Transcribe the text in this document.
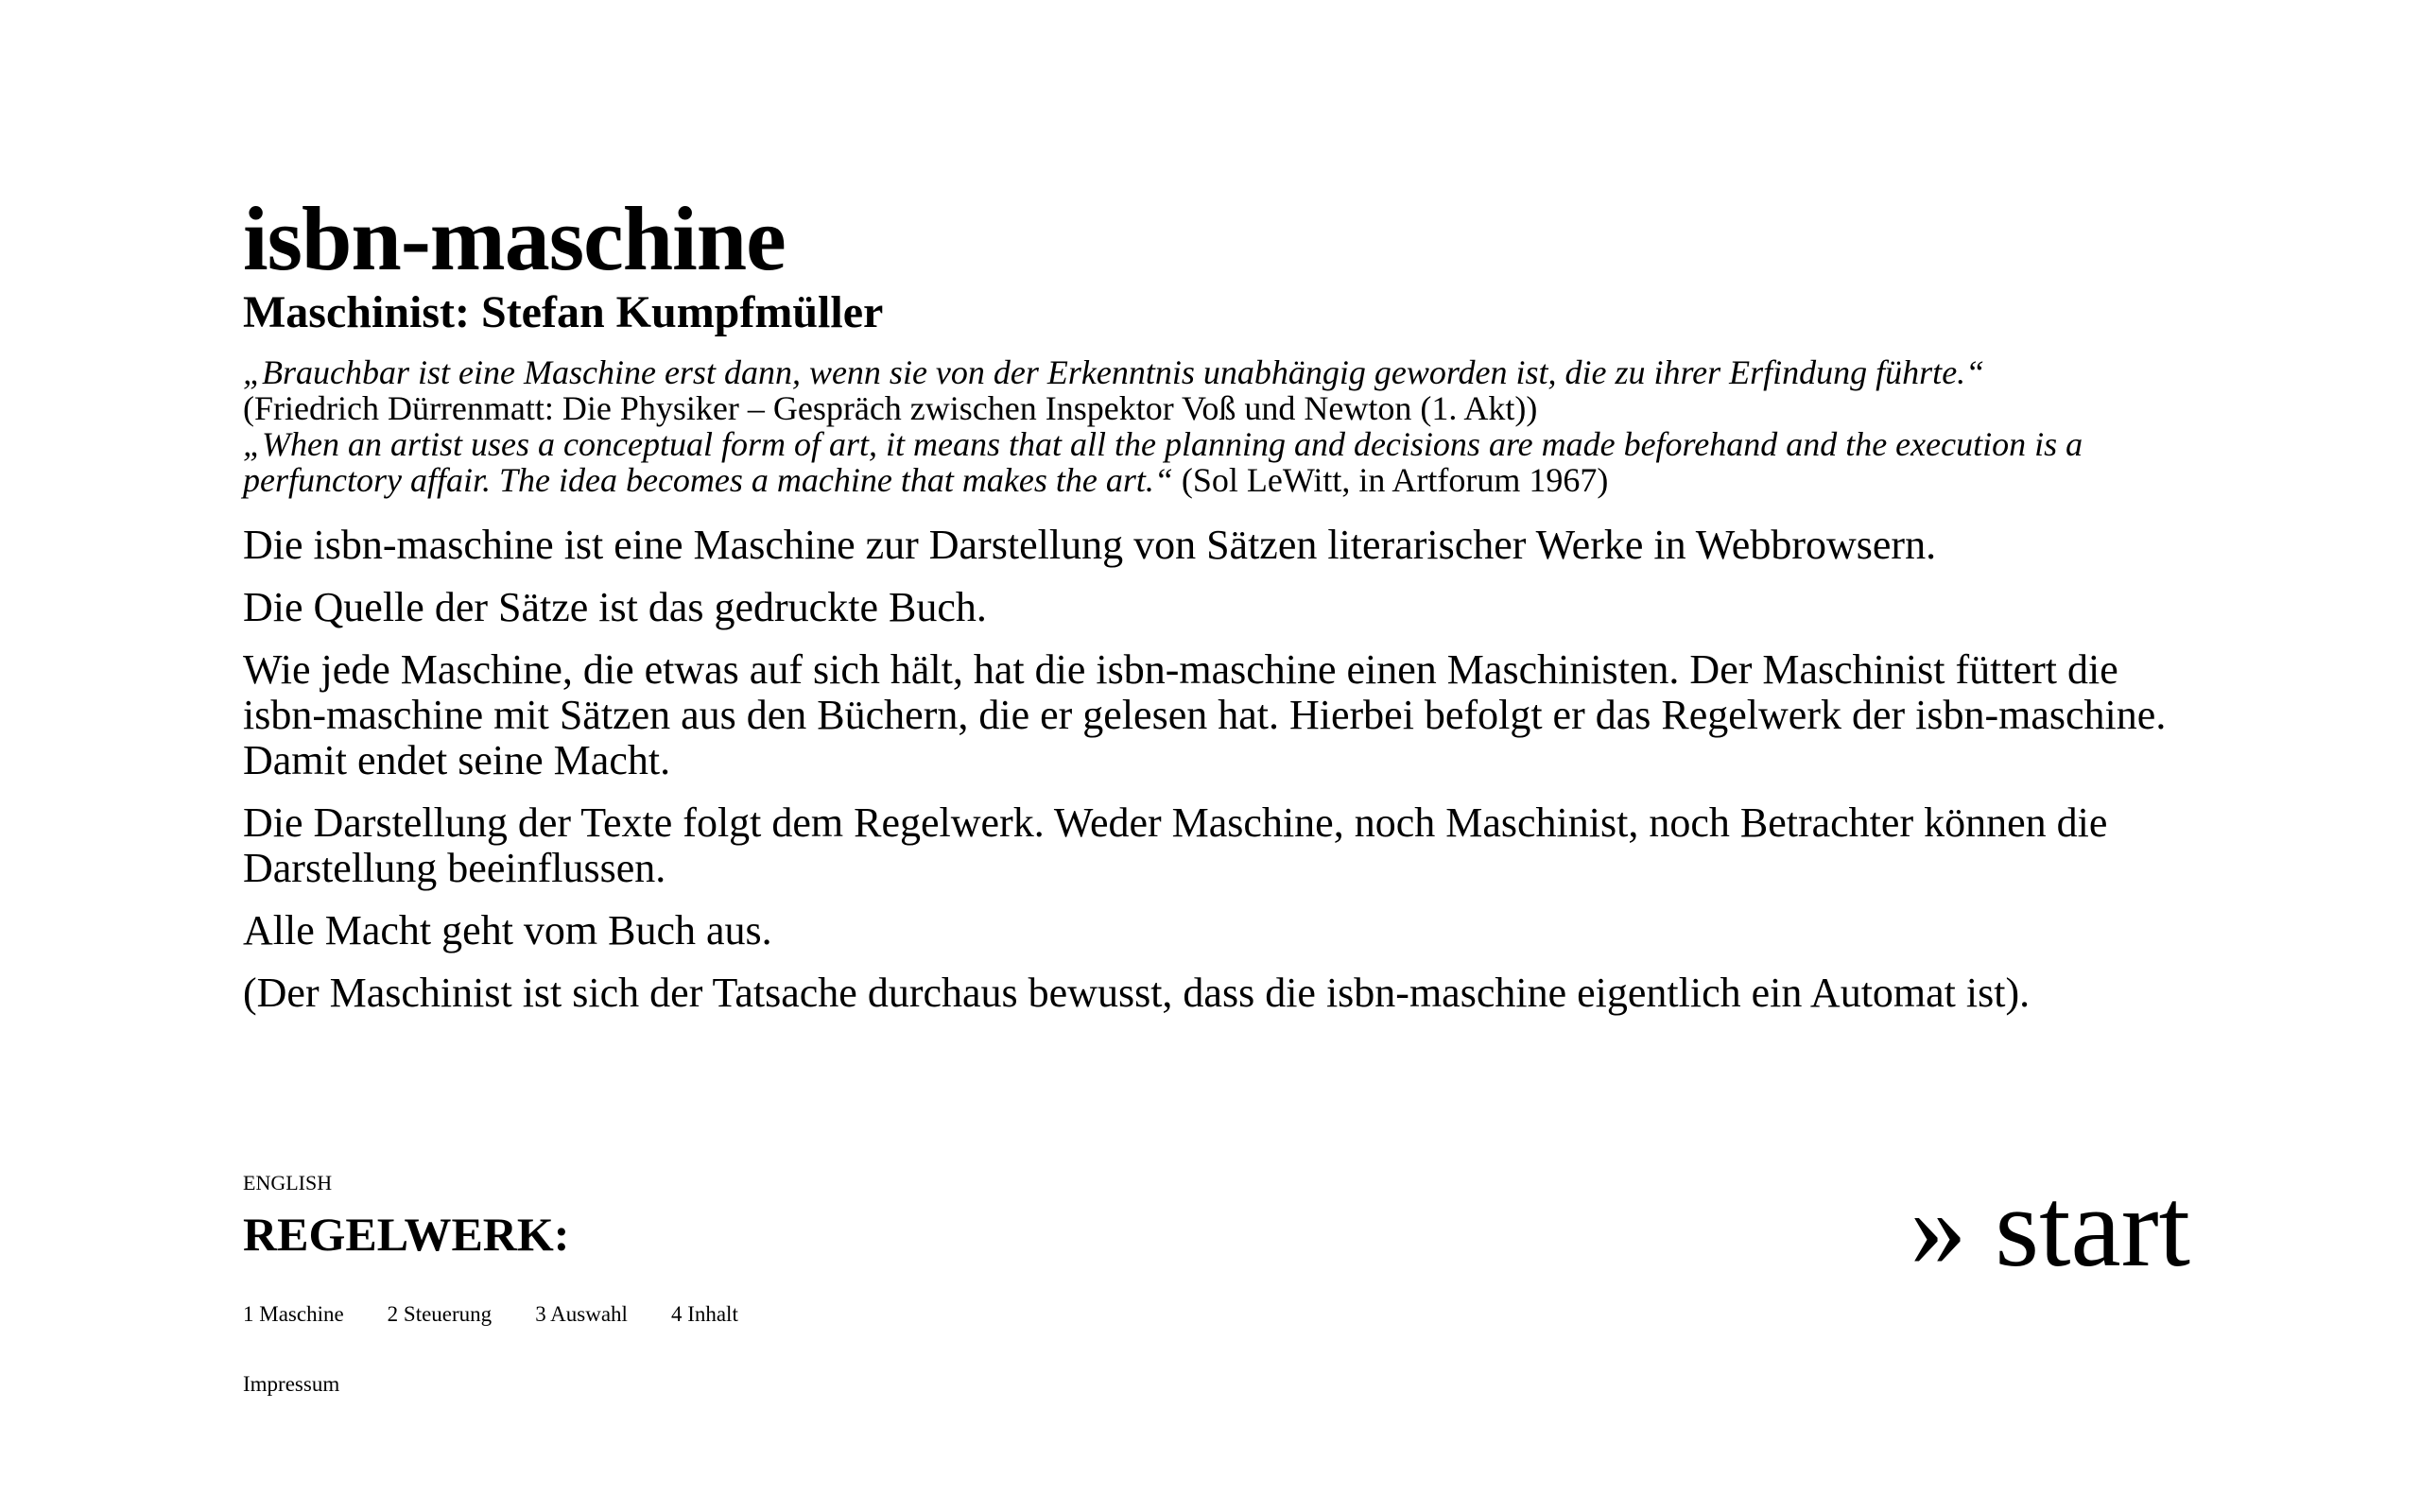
isbn-maschine
Maschinist: Stefan Kumpfmüller
„Brauchbar ist eine Maschine erst dann, wenn sie von der Erkenntnis unabhängig geworden ist, die zu ihrer Erfindung führte.“
(Friedrich Dürrenmatt: Die Physiker – Gespräch zwischen Inspektor Voß und Newton (1. Akt))
„When an artist uses a conceptual form of art, it means that all the planning and decisions are made beforehand and the execution is a perfunctory affair. The idea becomes a machine that makes the art.“ (Sol LeWitt, in Artforum 1967)

Die isbn-maschine ist eine Maschine zur Darstellung von Sätzen literarischer Werke in Webbrowsern.

Die Quelle der Sätze ist das gedruckte Buch.

Wie jede Maschine, die etwas auf sich hält, hat die isbn-maschine einen Maschinisten. Der Maschinist füttert die isbn-maschine mit Sätzen aus den Büchern, die er gelesen hat. Hierbei befolgt er das Regelwerk der isbn-maschine. Damit endet seine Macht.

Die Darstellung der Texte folgt dem Regelwerk. Weder Maschine, noch Maschinist, noch Betrachter können die Darstellung beeinflussen.

Alle Macht geht vom Buch aus.

(Der Maschinist ist sich der Tatsache durchaus bewusst, dass die isbn-maschine eigentlich ein Automat ist).

ENGLISH
REGELWERK:
1 Maschine 2 Steuerung 3 Auswahl 4 Inhalt
Impressum
» start
